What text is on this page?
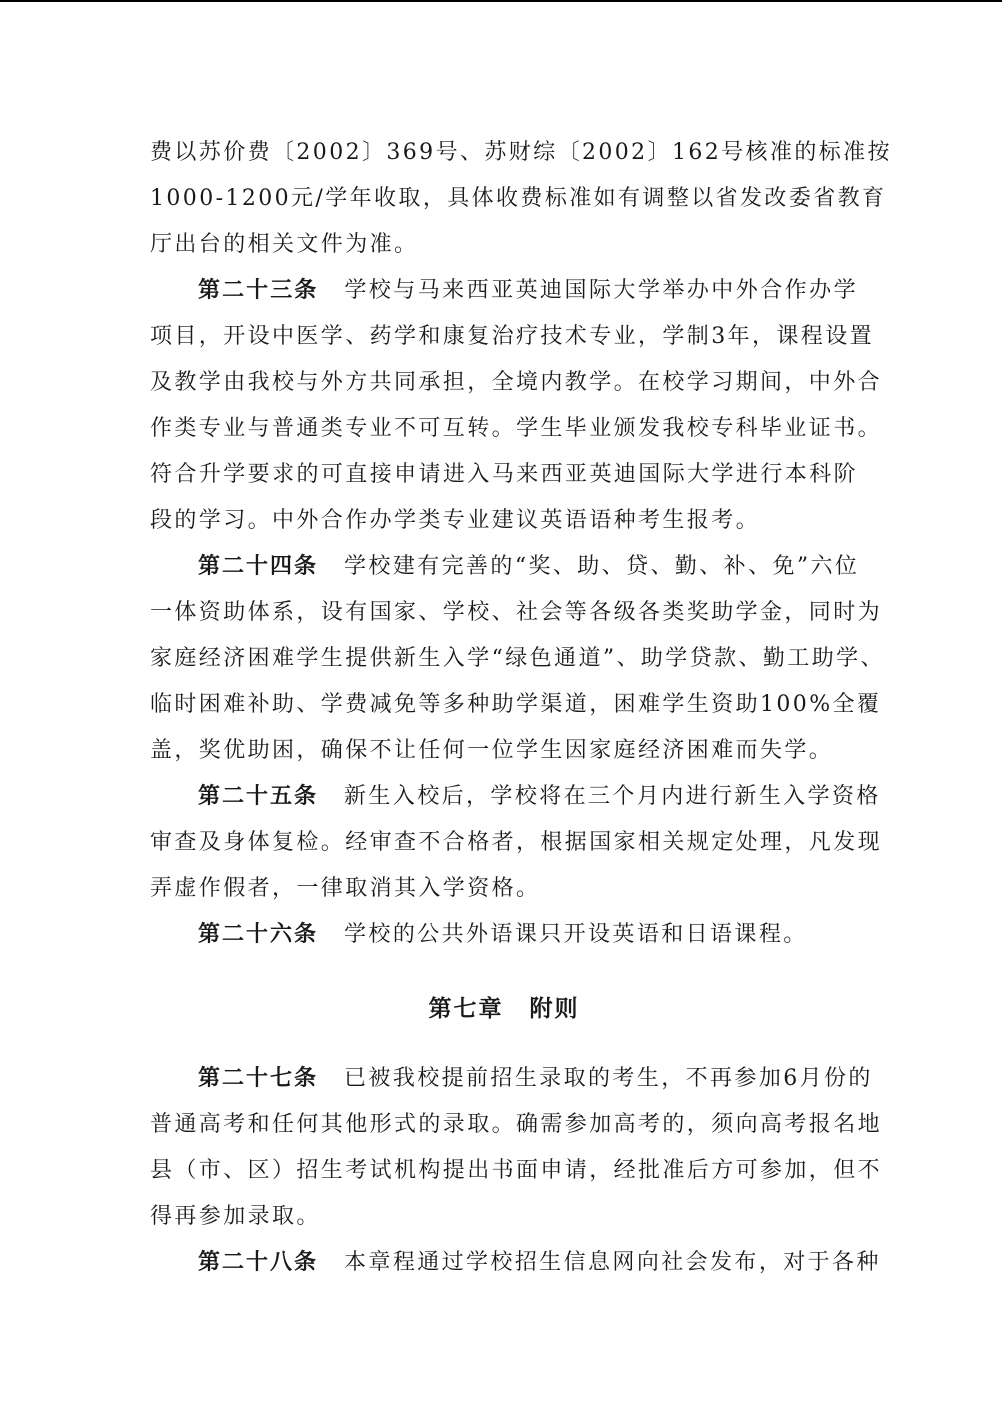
费以苏价费〔2002〕369号、苏财综〔2002〕162号核准的标准按
1000-1200元/学年收取，具体收费标准如有调整以省发改委省教育
厅出台的相关文件为准。
第二十三条 学校与马来西亚英迪国际大学举办中外合作办学
项目，开设中医学、药学和康复治疗技术专业，学制3年，课程设置
及教学由我校与外方共同承担，全境内教学。在校学习期间，中外合
作类专业与普通类专业不可互转。学生毕业颁发我校专科毕业证书。
符合升学要求的可直接申请进入马来西亚英迪国际大学进行本科阶
段的学习。中外合作办学类专业建议英语语种考生报考。
第二十四条 学校建有完善的“奖、助、贷、勤、补、免”六位
一体资助体系，设有国家、学校、社会等各级各类奖助学金，同时为
家庭经济困难学生提供新生入学“绿色通道”、助学贷款、勤工助学、
临时困难补助、学费减免等多种助学渠道，困难学生资助100%全覆
盖，奖优助困，确保不让任何一位学生因家庭经济困难而失学。
第二十五条 新生入校后，学校将在三个月内进行新生入学资格
审查及身体复检。经审查不合格者，根据国家相关规定处理，凡发现
弄虚作假者，一律取消其入学资格。
第二十六条 学校的公共外语课只开设英语和日语课程。
第七章 附则
第二十七条 已被我校提前招生录取的考生，不再参加6月份的
普通高考和任何其他形式的录取。确需参加高考的，须向高考报名地
县（市、区）招生考试机构提出书面申请，经批准后方可参加，但不
得再参加录取。
第二十八条 本章程通过学校招生信息网向社会发布，对于各种
